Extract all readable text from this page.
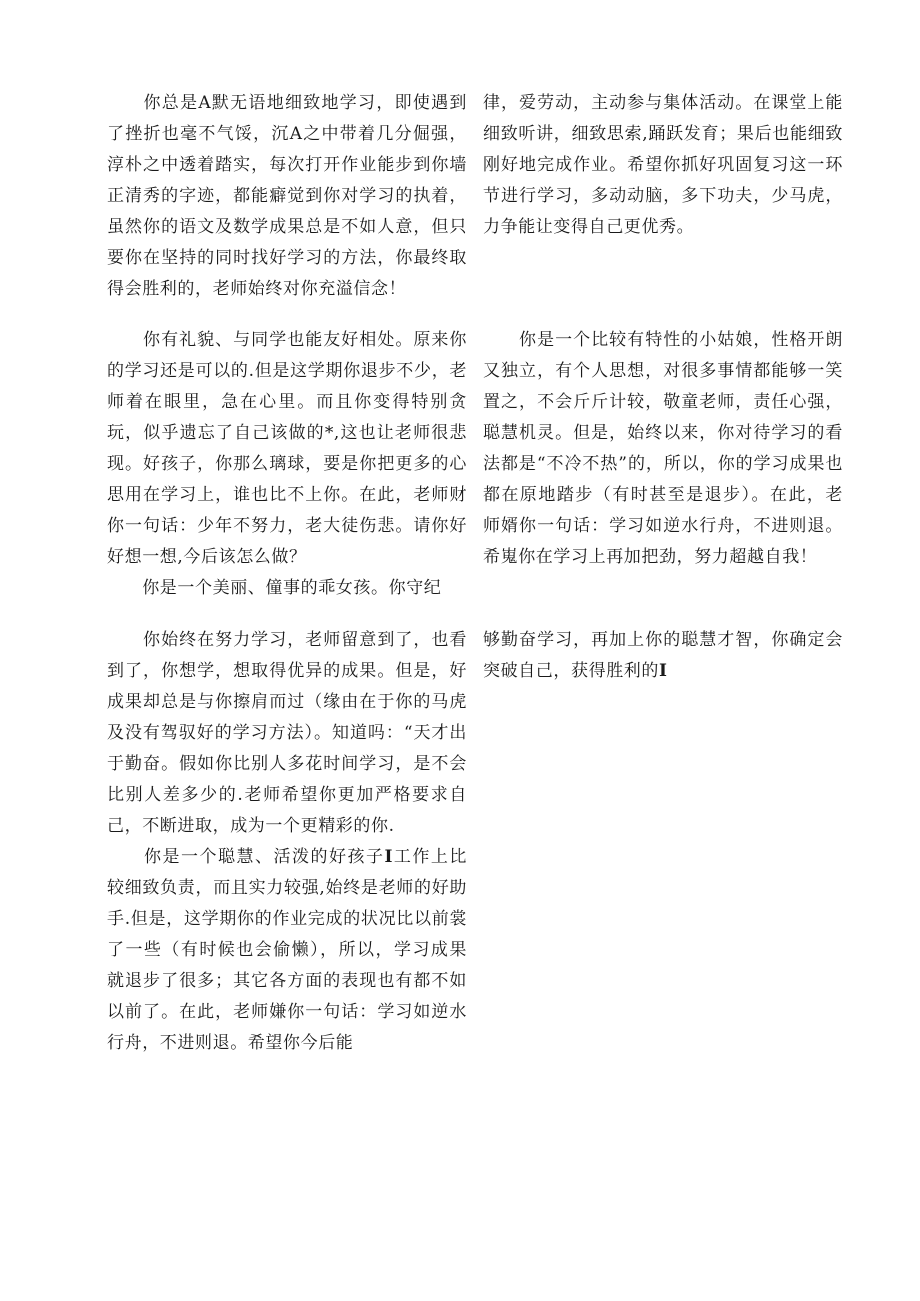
　　你总是A默无语地细致地学习，即使遇到了挫折也毫不气馁，沉A之中带着几分倔强，淳朴之中透着踏实，每次打开作业能步到你墙正清秀的字迹，都能癖觉到你对学习的执着，虽然你的语文及数学成果总是不如人意，但只要你在坚持的同时找好学习的方法，你最终取得会胜利的，老师始终对你充溢信念！

律，爱劳动，主动参与集体活动。在课堂上能细致听讲，细致思索,踊跃发育；果后也能细致刚好地完成作业。希望你抓好巩固复习这一环节进行学习，多动动脑，多下功夫，少马虎，力争能让变得自己更优秀。

　　你有礼貌、与同学也能友好相处。原来你的学习还是可以的.但是这学期你退步不少，老师着在眼里，急在心里。而且你变得特别贪玩，似乎遗忘了自己该做的*,这也让老师很悲现。好孩子，你那么璃球，要是你把更多的心思用在学习上，谁也比不上你。在此，老师财你一句话：少年不努力，老大徒伤悲。请你好好想一想,今后该怎么做？

　　你是一个美丽、僮事的乖女孩。你守纪

　　你是一个比较有特性的小姑娘，性格开朗又独立，有个人思想，对很多事情都能够一笑置之，不会斤斤计较，敬童老师，责任心强，聪慧机灵。但是，始终以来，你对待学习的看法都是“不冷不热”的，所以，你的学习成果也都在原地踏步（有时甚至是退步）。在此，老师婿你一句话：学习如逆水行舟，不进则退。希嵬你在学习上再加把劲，努力超越自我！

　　你始终在努力学习，老师留意到了，也看到了，你想学，想取得优异的成果。但是，好成果却总是与你擦肩而过（缘由在于你的马虎及没有驾驭好的学习方法）。知道吗：“天才出于勤奋。假如你比别人多花时间学习，是不会比别人差多少的.老师希望你更加严格要求自己，不断进取，成为一个更精彩的你.

　　你是一个聪慧、活泼的好孩子I工作上比较细致负责，而且实力较强,始终是老师的好助手.但是，这学期你的作业完成的状况比以前裳了一些（有时候也会偷懒），所以，学习成果就退步了很多；其它各方面的表现也有都不如以前了。在此，老师嫌你一句话：学习如逆水行舟，不进则退。希望你今后能

够勤奋学习，再加上你的聪慧才智，你确定会突破自己，获得胜利的I
